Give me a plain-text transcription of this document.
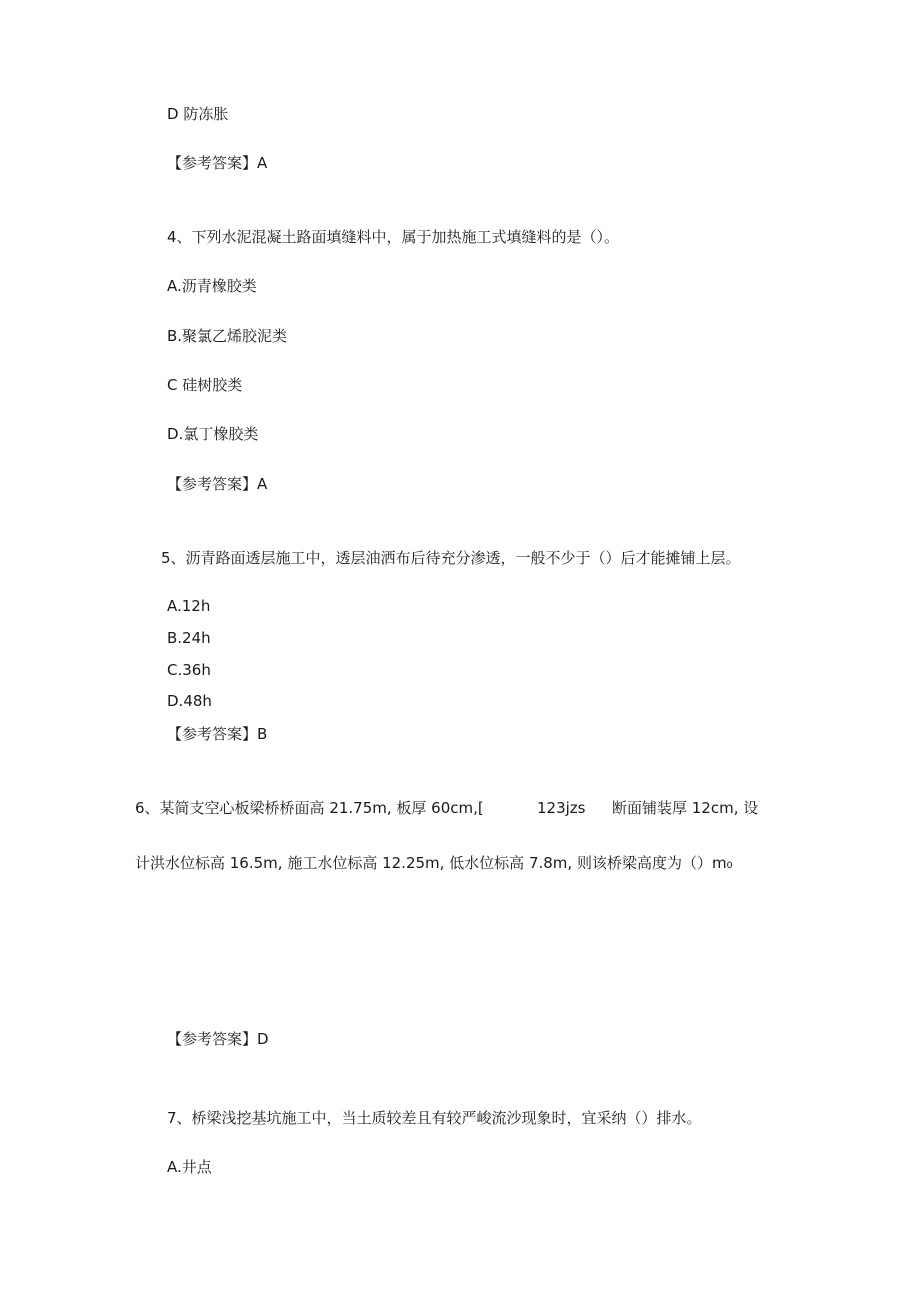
D 防冻胀
【参考答案】A
4、下列水泥混凝土路面填缝料中，属于加热施工式填缝料的是（）。
A.沥青橡胶类
B.聚氯乙烯胶泥类
C 硅树胶类
D.氯丁橡胶类
【参考答案】A
5、沥青路面透层施工中，透层油洒布后待充分渗透，一般不少于（）后才能摊铺上层。
A.12h
B.24h
C.36h
D.48h
【参考答案】B
6、某简支空心板梁桥桥面高 21.75m, 板厚 60cm,[	123jzs 断面铺装厚 12cm, 设
计洪水位标高 16.5m, 施工水位标高 12.25m, 低水位标高 7.8m, 则该桥梁高度为（）m₀
【参考答案】D
7、桥梁浅挖基坑施工中，当土质较差且有较严峻流沙现象时，宜采纳（）排水。
A.井点
